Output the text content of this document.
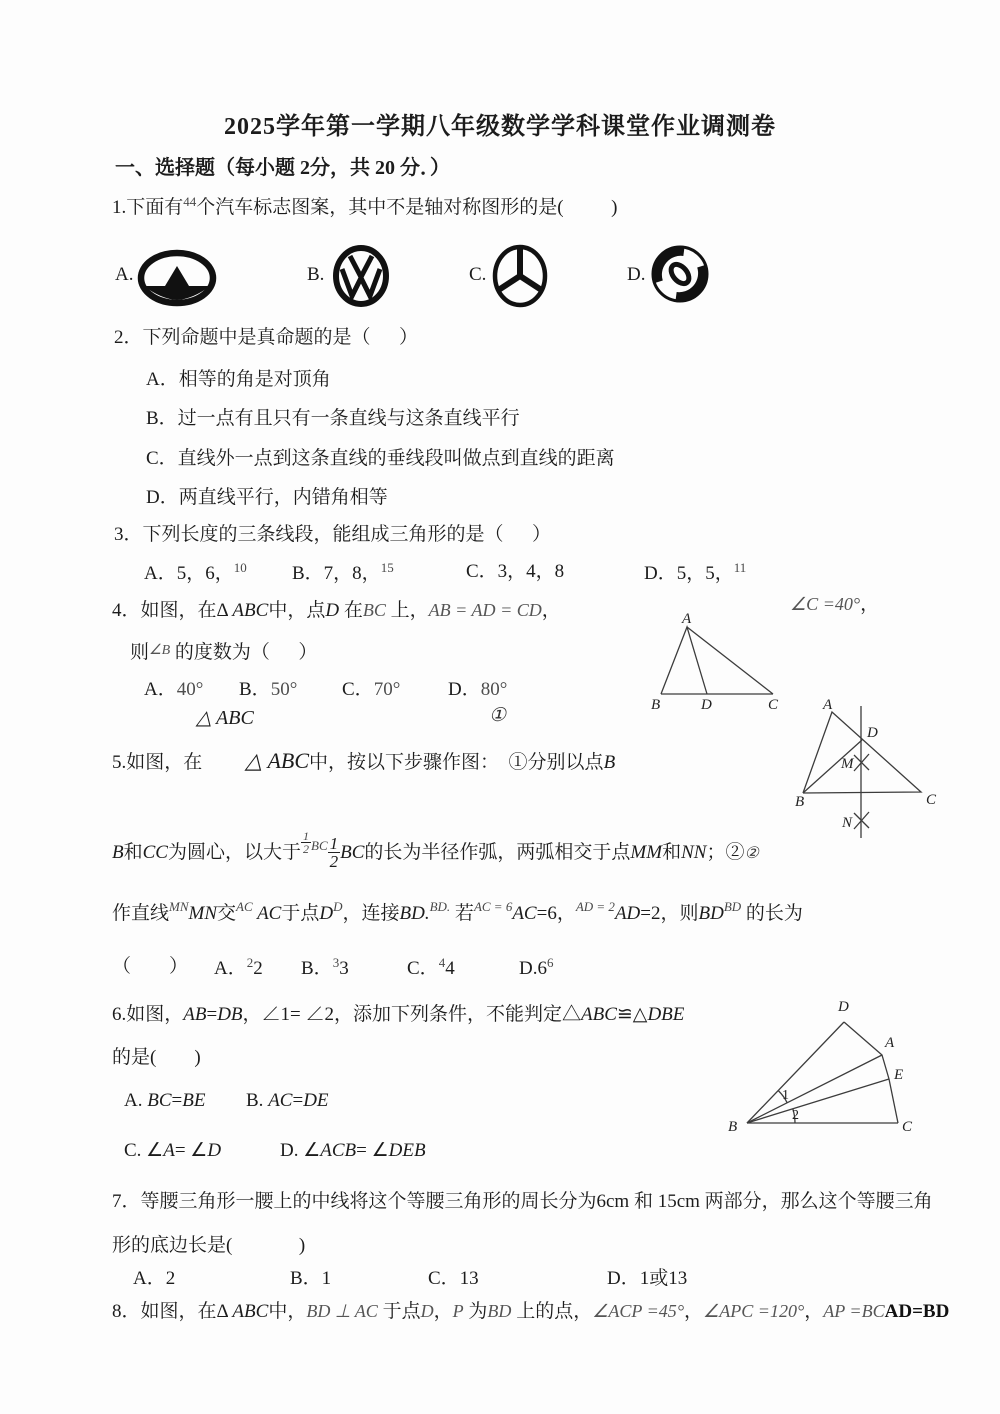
2025学年第一学期八年级数学学科课堂作业调测卷
一、选择题（每小题 2分，共 20 分．）
1.下面有$^{44}$个汽车标志图案，其中不是轴对称图形的是(          )
A.	B.	C.	D.
2．下列命题中是真命题的是（      ）
A．相等的角是对顶角
B．过一点有且只有一条直线与这条直线平行
C．直线外一点到这条直线的垂线段叫做点到直线的距离
D．两直线平行，内错角相等
3．下列长度的三条线段，能组成三角形的是（      ）
A．5，6，$^{10}$ B．7，8，$^{15}$	C．3，4，8	D．5，5，$^{11}$
4．如图，在Δ ABC中，点D 在BC 上，AB = AD = CD，	∠C =40°，
则$^{\angle B}$ 的度数为（      ）
A．40° B．50° C．70°	D．80°
A
B	D	C
△ ABC	①
5.如图，在　　 △ ABC中，按以下步骤作图：　 ①分别以点B
B和CC为圆心，以大于 $\frac{1}{2} ^{BC} \frac{1}{2}$ BC的长为半径作弧，两弧相交于点MM和NN；②②
作直线$^{MN}$MN交$^{AC}$ AC于点$D^D$，连接BD.$^{BD.}$ 若$^{AC = 6}$AC=6，$^{AD = 2}$AD=2，则$BD^{BD}$ 的长为
（        ） A．$^2$2 B．$^3$3	C．$^4$4	$D.6^6$
A
D
M
B	C
N
6.如图，AB=DB，∠1= ∠2，添加下列条件，不能判定△ABC≌△DBE
的是(        )
A. BC=BE B. AC=DE
C. ∠A= ∠D	D. ∠ACB= ∠DEB
D
A
E
B	C
1
2
7．等腰三角形一腰上的中线将这个等腰三角形的周长分为6cm 和 15cm 两部分，那么这个等腰三角
形的底边长是(              )
A．2	B．1	C．13	D．1或13
8．如图，在Δ ABC中，BD ⊥ AC 于点D，P 为BD 上的点，∠ACP =45°，∠APC =120°，AP =BCAD=BD
